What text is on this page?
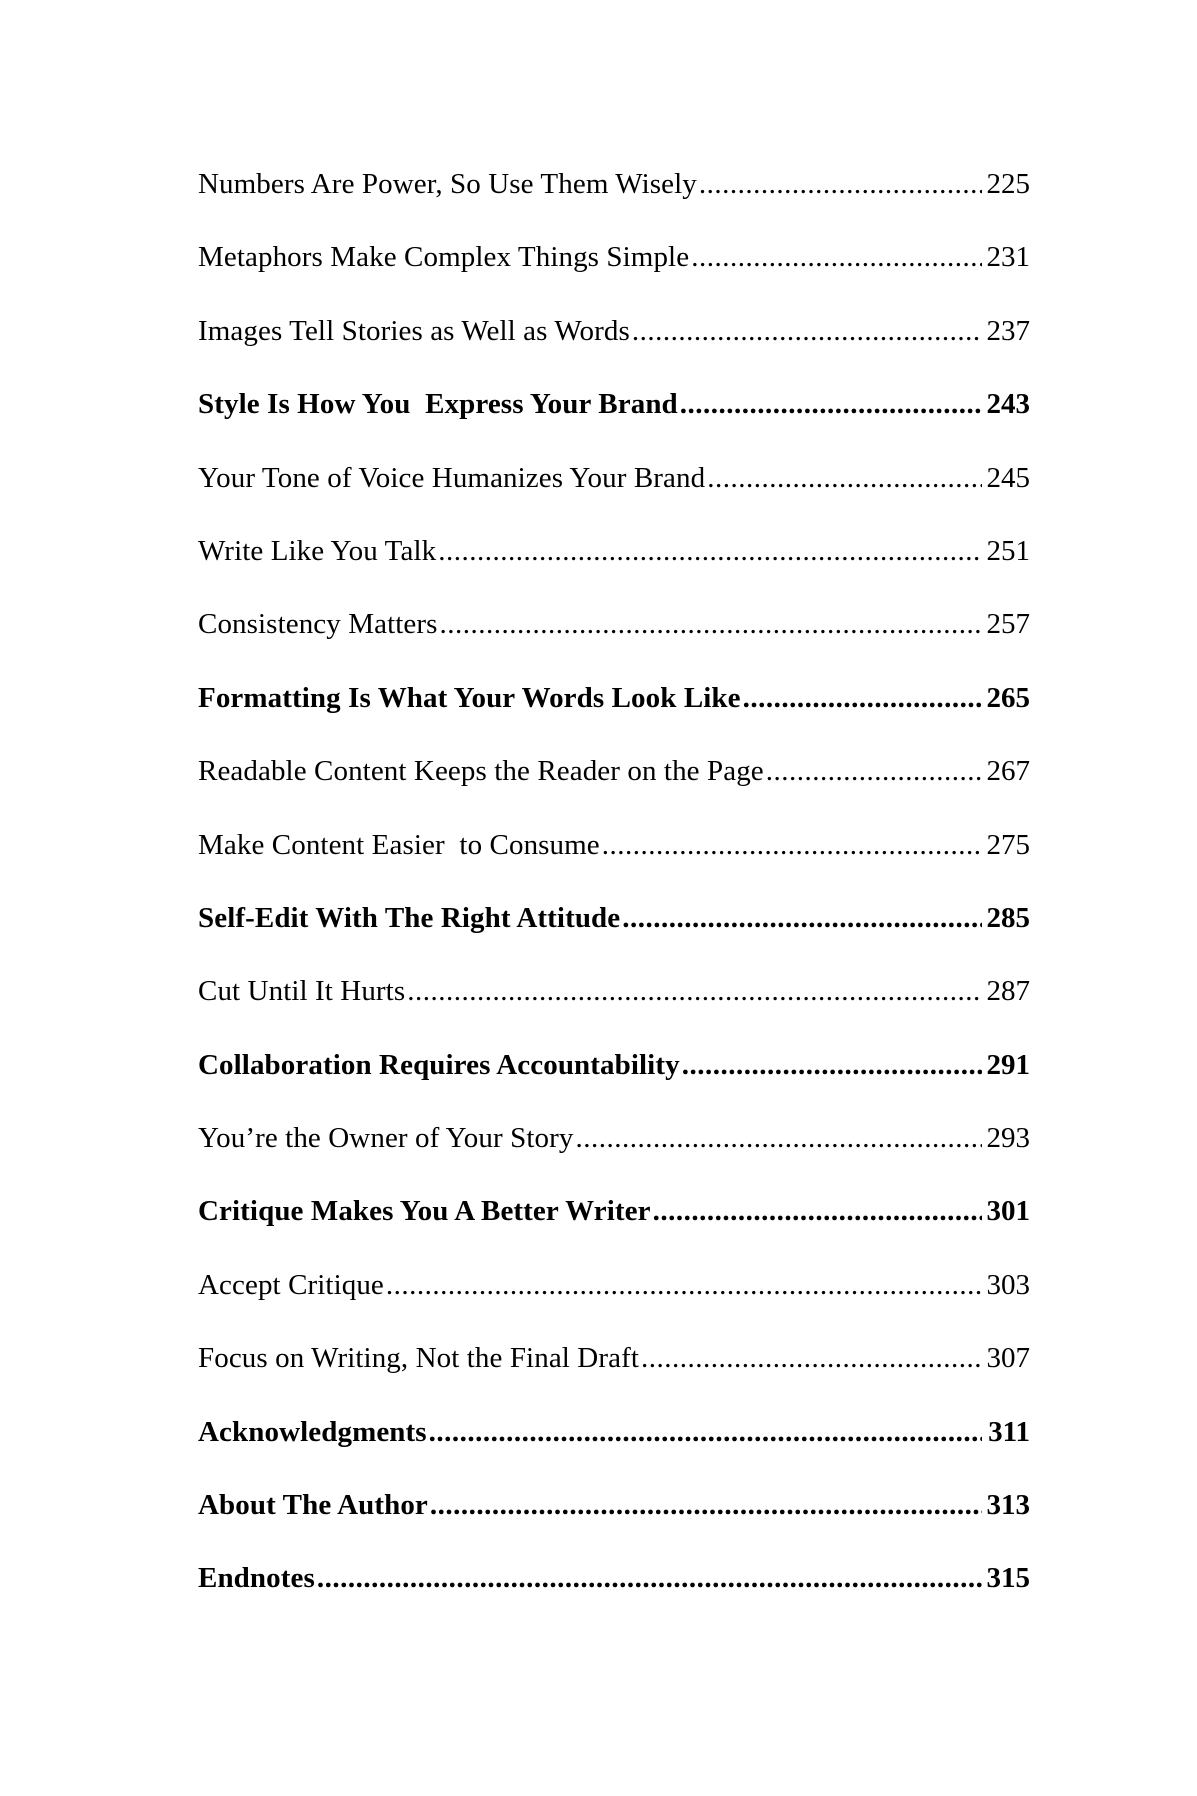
Numbers Are Power, So Use Them Wisely .....	225
Metaphors Make Complex Things Simple .....	231
Images Tell Stories as Well as Words .....	237
Style Is How You  Express Your Brand .....	243
Your Tone of Voice Humanizes Your Brand .....	245
Write Like You Talk .....	251
Consistency Matters .....	257
Formatting Is What Your Words Look Like .....	265
Readable Content Keeps the Reader on the Page .....	267
Make Content Easier  to Consume .....	275
Self-Edit With The Right Attitude .....	285
Cut Until It Hurts .....	287
Collaboration Requires Accountability .....	291
You’re the Owner of Your Story .....	293
Critique Makes You A Better Writer .....	301
Accept Critique .....	303
Focus on Writing, Not the Final Draft .....	307
Acknowledgments .....	311
About The Author .....	313
Endnotes .....	315
